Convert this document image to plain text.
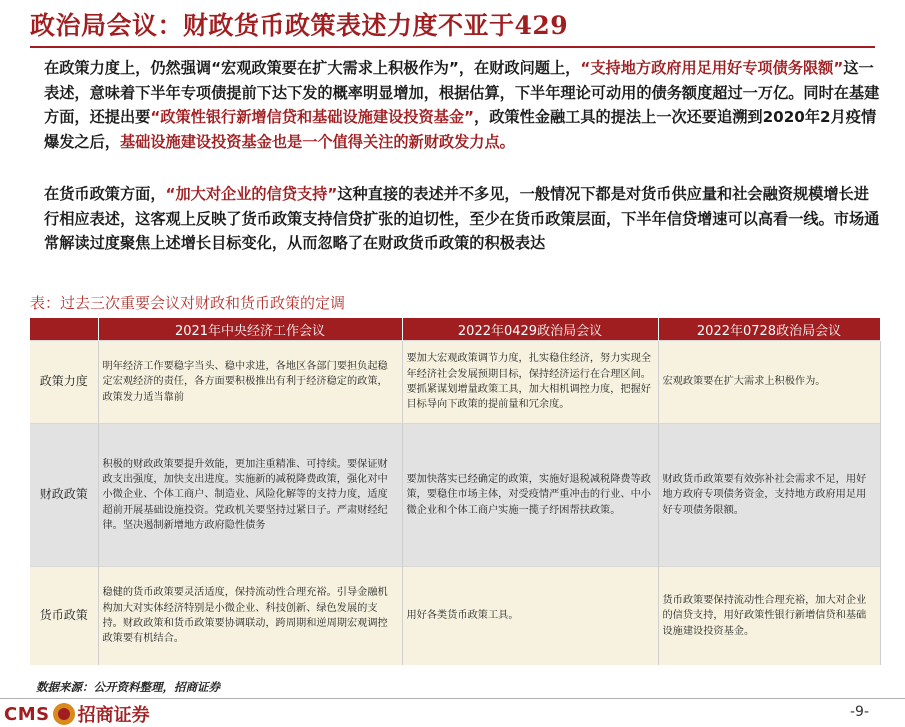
政治局会议：财政货币政策表述力度不亚于429
在政策力度上，仍然强调“宏观政策要在扩大需求上积极作为”，在财政问题上，“支持地方政府用足用好专项债务限额”这一表述，意味着下半年专项债提前下达下发的概率明显增加，根据估算，下半年理论可动用的债务额度超过一万亿。同时在基建方面，还提出要“政策性银行新增信贷和基础设施建设投资基金”，政策性金融工具的提法上一次还要追溯到2020年2月疫情爆发之后，基础设施建设投资基金也是一个值得关注的新财政发力点。
在货币政策方面，“加大对企业的信贷支持”这种直接的表述并不多见，一般情况下都是对货币供应量和社会融资规模增长进行相应表述，这客观上反映了货币政策支持信贷扩张的迫切性，至少在货币政策层面，下半年信贷增速可以高看一线。市场通常解读过度聚焦上述增长目标变化，从而忽略了在财政货币政策的积极表达
表：过去三次重要会议对财政和货币政策的定调
	2021年中央经济工作会议	2022年0429政治局会议	2022年0728政治局会议
政策力度	明年经济工作要稳字当头、稳中求进，各地区各部门要担负起稳定宏观经济的责任，各方面要积极推出有利于经济稳定的政策，政策发力适当靠前	要加大宏观政策调节力度，扎实稳住经济，努力实现全年经济社会发展预期目标，保持经济运行在合理区间。要抓紧谋划增量政策工具，加大相机调控力度，把握好目标导向下政策的提前量和冗余度。	宏观政策要在扩大需求上积极作为。
财政政策	积极的财政政策要提升效能，更加注重精准、可持续。要保证财政支出强度，加快支出进度。实施新的减税降费政策，强化对中小微企业、个体工商户、制造业、风险化解等的支持力度，适度超前开展基础设施投资。党政机关要坚持过紧日子。严肃财经纪律。坚决遏制新增地方政府隐性债务	要加快落实已经确定的政策，实施好退税减税降费等政策，要稳住市场主体，对受疫情严重冲击的行业、中小微企业和个体工商户实施一揽子纾困帮扶政策。	财政货币政策要有效弥补社会需求不足，用好地方政府专项债务资金，支持地方政府用足用好专项债务限额。
货币政策	稳健的货币政策要灵活适度，保持流动性合理充裕。引导金融机构加大对实体经济特别是小微企业、科技创新、绿色发展的支持。财政政策和货币政策要协调联动，跨周期和逆周期宏观调控政策要有机结合。	用好各类货币政策工具。	货币政策要保持流动性合理充裕，加大对企业的信贷支持，用好政策性银行新增信贷和基础设施建设投资基金。
数据来源：公开资料整理，招商证券
CMS 招商证券	-9-
